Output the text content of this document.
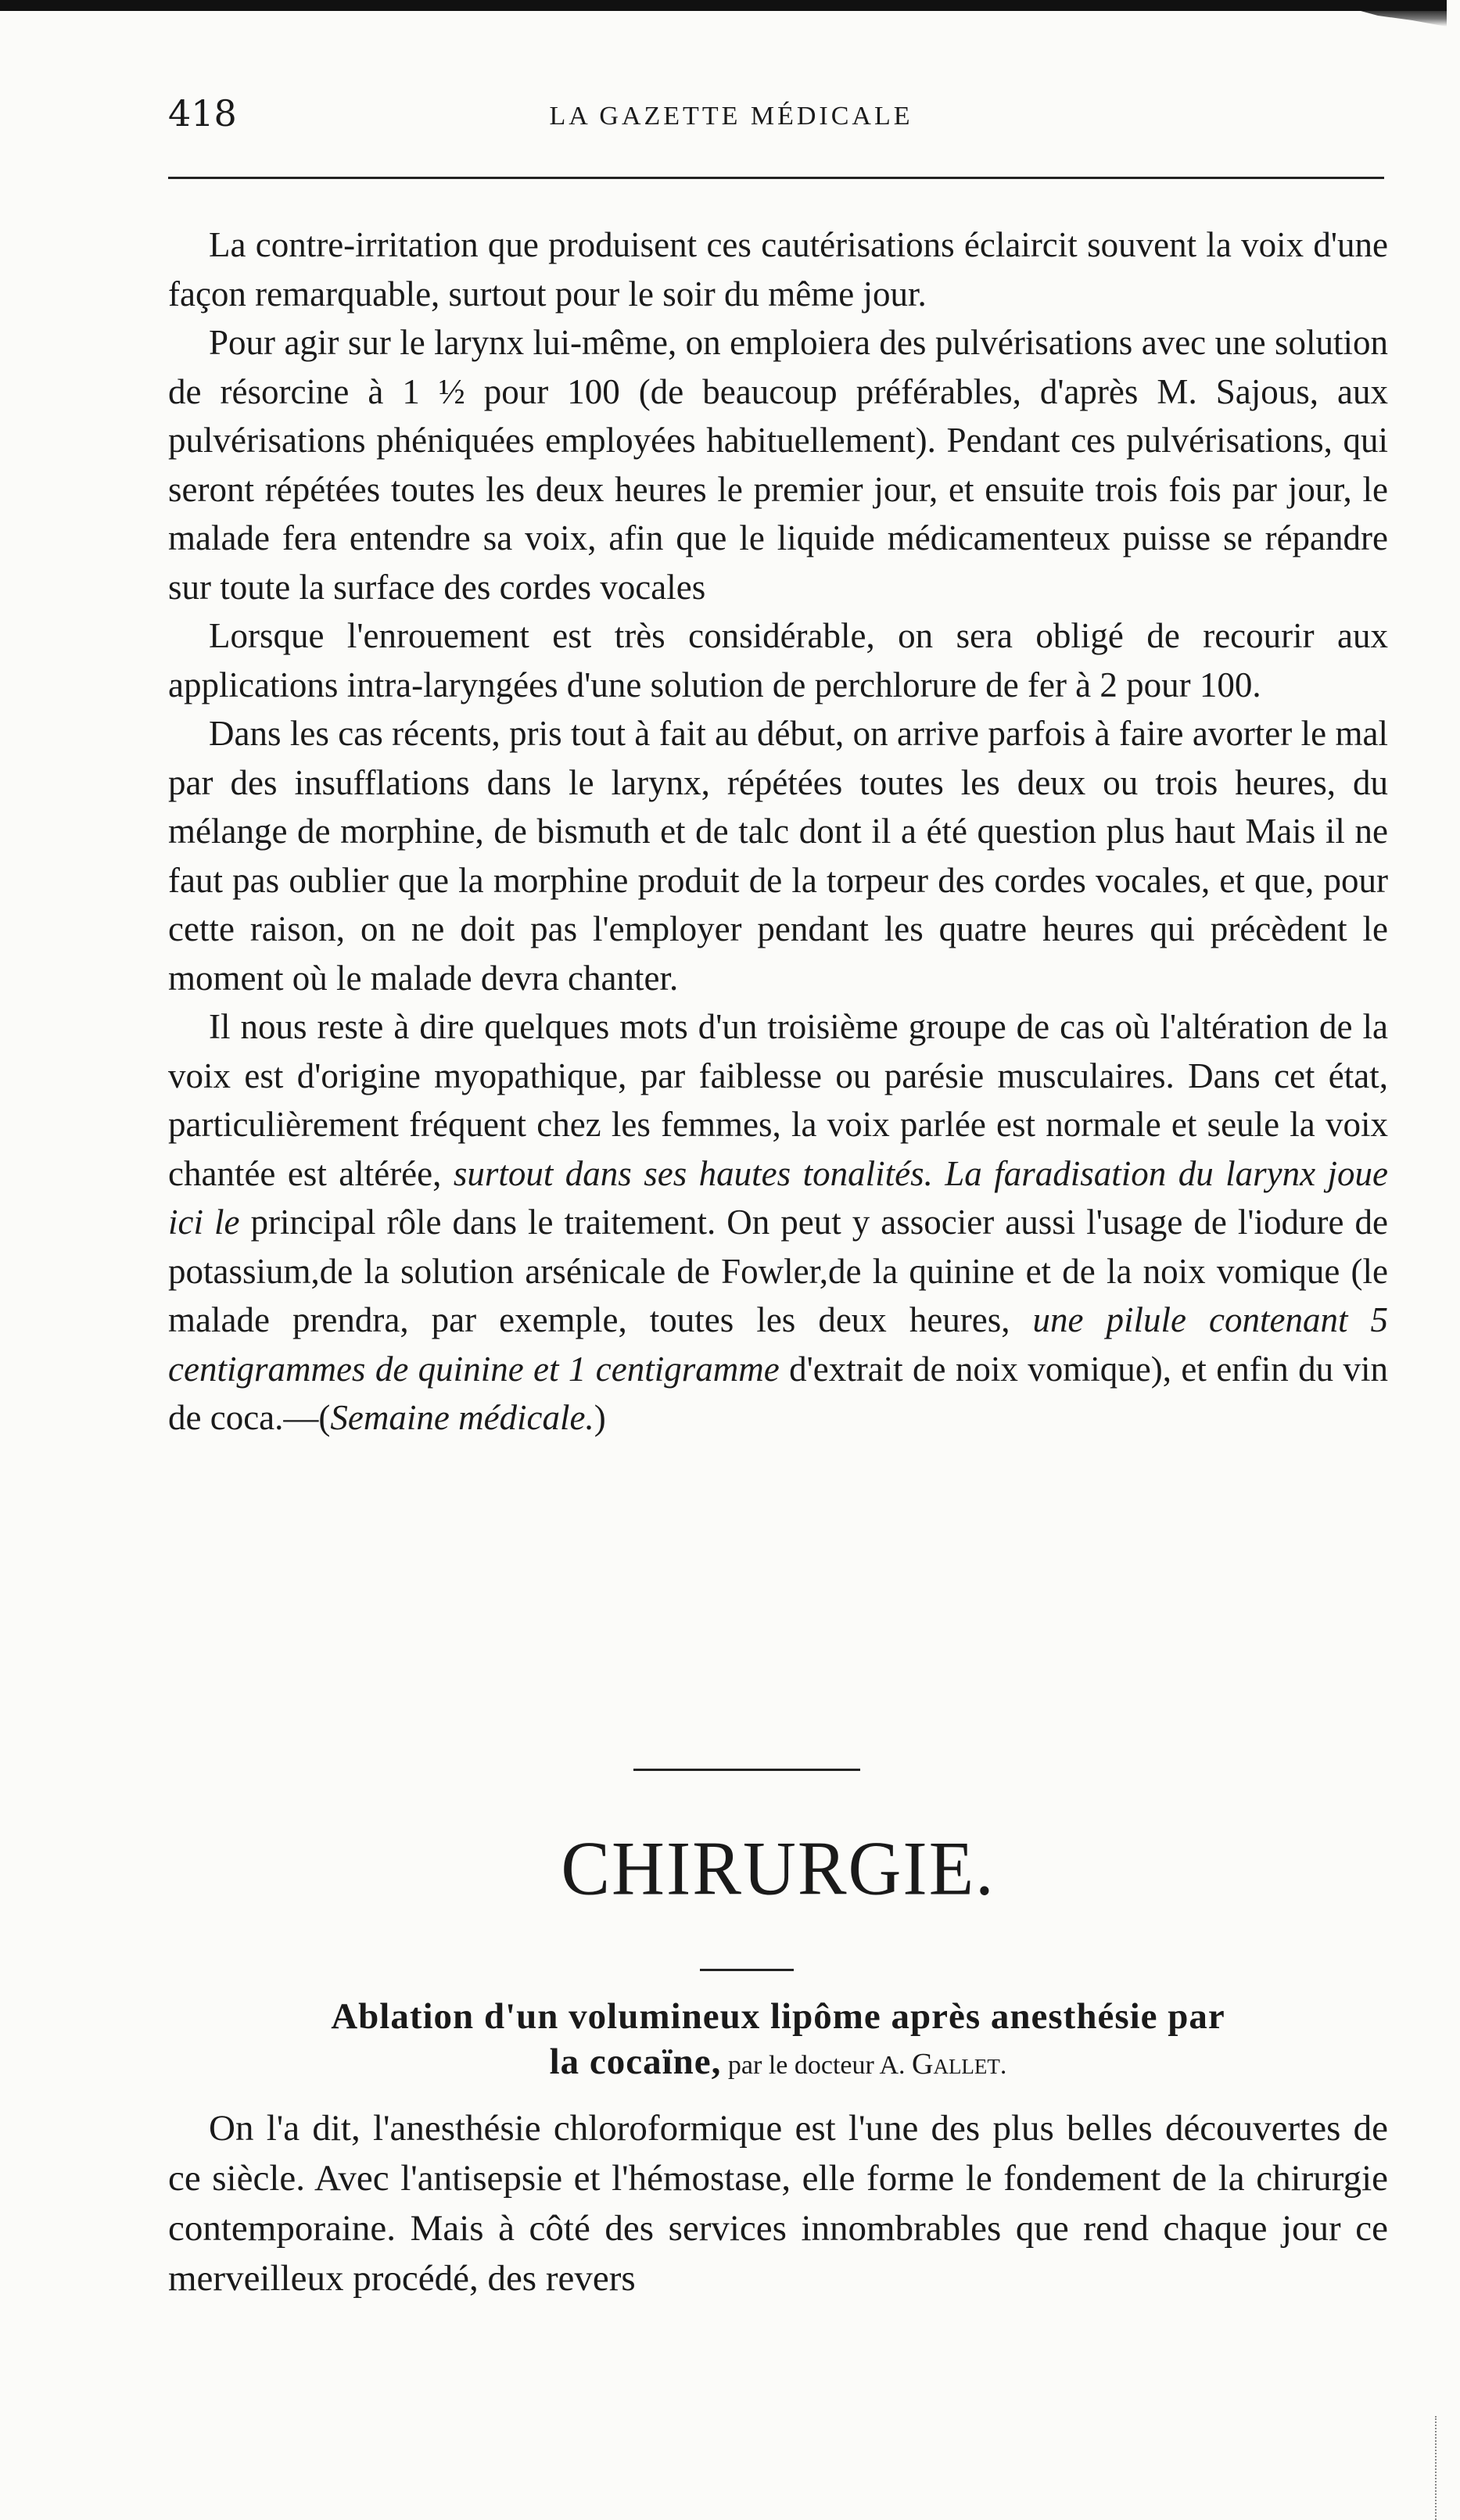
418	LA GAZETTE MÉDICALE

La contre-irritation que produisent ces cautérisations éclaircit souvent la voix d'une façon remarquable, surtout pour le soir du même jour.

Pour agir sur le larynx lui-même, on emploiera des pulvérisations avec une solution de résorcine à 1 ½ pour 100 (de beaucoup préférables, d'après M. Sajous, aux pulvérisations phéniquées employées habituellement). Pendant ces pulvérisations, qui seront répétées toutes les deux heures le premier jour, et ensuite trois fois par jour, le malade fera entendre sa voix, afin que le liquide médicamenteux puisse se répandre sur toute la surface des cordes vocales

Lorsque l'enrouement est très considérable, on sera obligé de recourir aux applications intra-laryngées d'une solution de perchlorure de fer à 2 pour 100.

Dans les cas récents, pris tout à fait au début, on arrive parfois à faire avorter le mal par des insufflations dans le larynx, répétées toutes les deux ou trois heures, du mélange de morphine, de bismuth et de talc dont il a été question plus haut Mais il ne faut pas oublier que la morphine produit de la torpeur des cordes vocales, et que, pour cette raison, on ne doit pas l'employer pendant les quatre heures qui précèdent le moment où le malade devra chanter.

Il nous reste à dire quelques mots d'un troisième groupe de cas où l'altération de la voix est d'origine myopathique, par faiblesse ou parésie musculaires. Dans cet état, particulièrement fréquent chez les femmes, la voix parlée est normale et seule la voix chantée est altérée, surtout dans ses hautes tonalités. La faradisation du larynx joue ici le principal rôle dans le traitement. On peut y associer aussi l'usage de l'iodure de potassium,de la solution arsénicale de Fowler,de la quinine et de la noix vomique (le malade prendra, par exemple, toutes les deux heures, une pilule contenant 5 centigrammes de quinine et 1 centigramme d'extrait de noix vomique), et enfin du vin de coca.—(Semaine médicale.)

CHIRURGIE.
Ablation d'un volumineux lipôme après anesthésie par
la cocaïne, par le docteur A. Gallet.

On l'a dit, l'anesthésie chloroformique est l'une des plus belles découvertes de ce siècle. Avec l'antisepsie et l'hémostase, elle forme le fondement de la chirurgie contemporaine. Mais à côté des services innombrables que rend chaque jour ce merveilleux procédé, des revers
